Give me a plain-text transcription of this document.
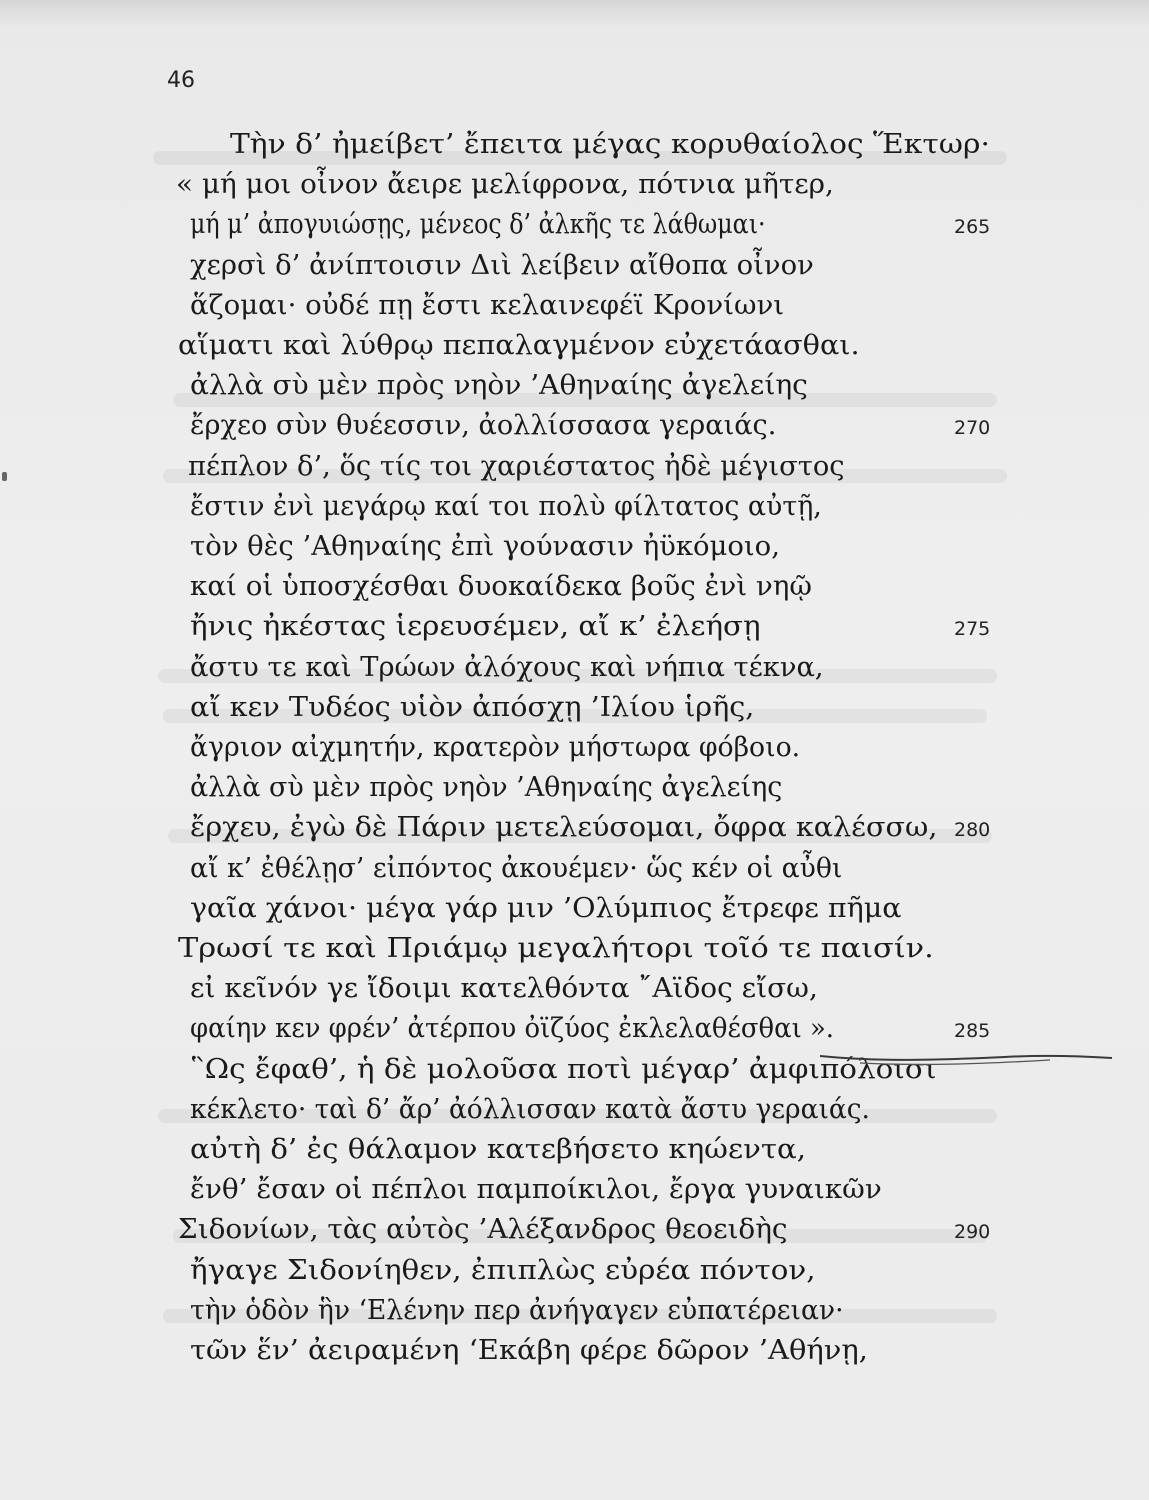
46
Τὴν δ’ ἠμείβετ’ ἔπειτα μέγας κορυθαίολος Ἕκτωρ·
« μή μοι οἶνον ἄειρε μελίφρονα, πότνια μῆτερ,
μή μ’ ἀπογυιώσῃς, μένεος δ’ ἀλκῆς τε λάθωμαι·	265
χερσὶ δ’ ἀνίπτοισιν Διὶ λείβειν αἴθοπα οἶνον
ἅζομαι· οὐδέ πῃ ἔστι κελαινεφέϊ Κρονίωνι
αἵματι καὶ λύθρῳ πεπαλαγμένον εὐχετάασθαι.
ἀλλὰ σὺ μὲν πρὸς νηὸν ’Αθηναίης ἀγελείης
ἔρχεο σὺν θυέεσσιν, ἀολλίσσασα γεραιάς.	270
πέπλον δ’, ὅς τίς τοι χαριέστατος ἠδὲ μέγιστος
ἔστιν ἐνὶ μεγάρῳ καί τοι πολὺ φίλτατος αὐτῇ,
τὸν θὲς ’Αθηναίης ἐπὶ γούνασιν ἠϋκόμοιο,
καί οἱ ὑποσχέσθαι δυοκαίδεκα βοῦς ἐνὶ νηῷ
ἤνις ἠκέστας ἱερευσέμεν, αἴ κ’ ἐλεήσῃ	275
ἄστυ τε καὶ Τρώων ἀλόχους καὶ νήπια τέκνα,
αἴ κεν Τυδέος υἱὸν ἀπόσχῃ ’Ιλίου ἱρῆς,
ἄγριον αἰχμητήν, κρατερὸν μήστωρα φόβοιο.
ἀλλὰ σὺ μὲν πρὸς νηὸν ’Αθηναίης ἀγελείης
ἔρχευ, ἐγὼ δὲ Πάριν μετελεύσομαι, ὄφρα καλέσσω, 280
αἴ κ’ ἐθέλῃσ’ εἰπόντος ἀκουέμεν· ὥς κέν οἱ αὖθι
γαῖα χάνοι· μέγα γάρ μιν ’Ολύμπιος ἔτρεφε πῆμα
Τρωσί τε καὶ Πριάμῳ μεγαλήτορι τοῖό τε παισίν.
εἰ κεῖνόν γε ἴδοιμι κατελθόντα ῎Αϊδος εἴσω,
φαίην κεν φρέν’ ἀτέρπου ὀϊζύος ἐκλελαθέσθαι ».	285
῝Ως ἔφαθ’, ἡ δὲ μολοῦσα ποτὶ μέγαρ’ ἀμφιπόλοισι
κέκλετο· ταὶ δ’ ἄρ’ ἀόλλισσαν κατὰ ἄστυ γεραιάς.
αὐτὴ δ’ ἐς θάλαμον κατεβήσετο κηώεντα,
ἔνθ’ ἔσαν οἱ πέπλοι παμποίκιλοι, ἔργα γυναικῶν
Σιδονίων, τὰς αὐτὸς ’Αλέξανδρος θεοειδὴς	290
ἤγαγε Σιδονίηθεν, ἐπιπλὼς εὐρέα πόντον,
τὴν ὁδὸν ἣν ‘Ελένην περ ἀνήγαγεν εὐπατέρειαν·
τῶν ἕν’ ἀειραμένη ‘Εκάβη φέρε δῶρον ’Αθήνῃ,
